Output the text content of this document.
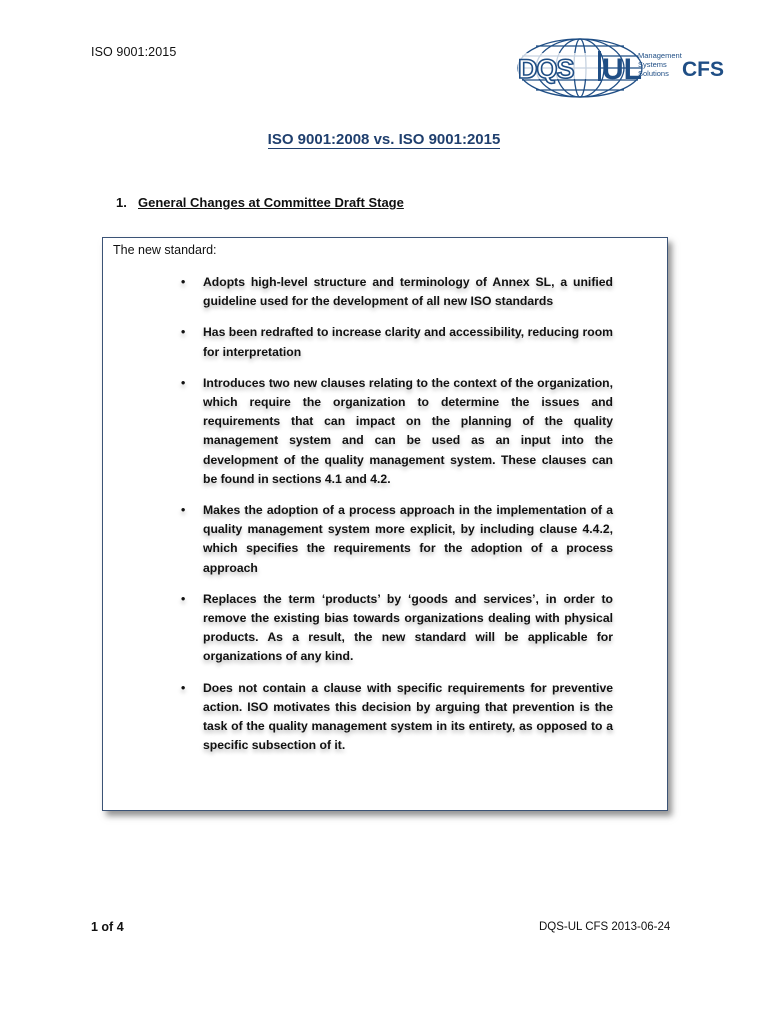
ISO 9001:2015
DQS UL
Management
Systems
Solutions CFS
ISO 9001:2008 vs. ISO 9001:2015
1. General Changes at Committee Draft Stage
The new standard:
• Adopts high-level structure and terminology of Annex SL, a unified guideline used for the development of all new ISO standards
• Has been redrafted to increase clarity and accessibility, reducing room for interpretation
• Introduces two new clauses relating to the context of the organization, which require the organization to determine the issues and requirements that can impact on the planning of the quality management system and can be used as an input into the development of the quality management system. These clauses can be found in sections 4.1 and 4.2.
• Makes the adoption of a process approach in the implementation of a quality management system more explicit, by including clause 4.4.2, which specifies the requirements for the adoption of a process approach
• Replaces the term ‘products’ by ‘goods and services’, in order to remove the existing bias towards organizations dealing with physical products. As a result, the new standard will be applicable for organizations of any kind.
• Does not contain a clause with specific requirements for preventive action. ISO motivates this decision by arguing that prevention is the task of the quality management system in its entirety, as opposed to a specific subsection of it.
1 of 4	DQS-UL CFS 2013-06-24
